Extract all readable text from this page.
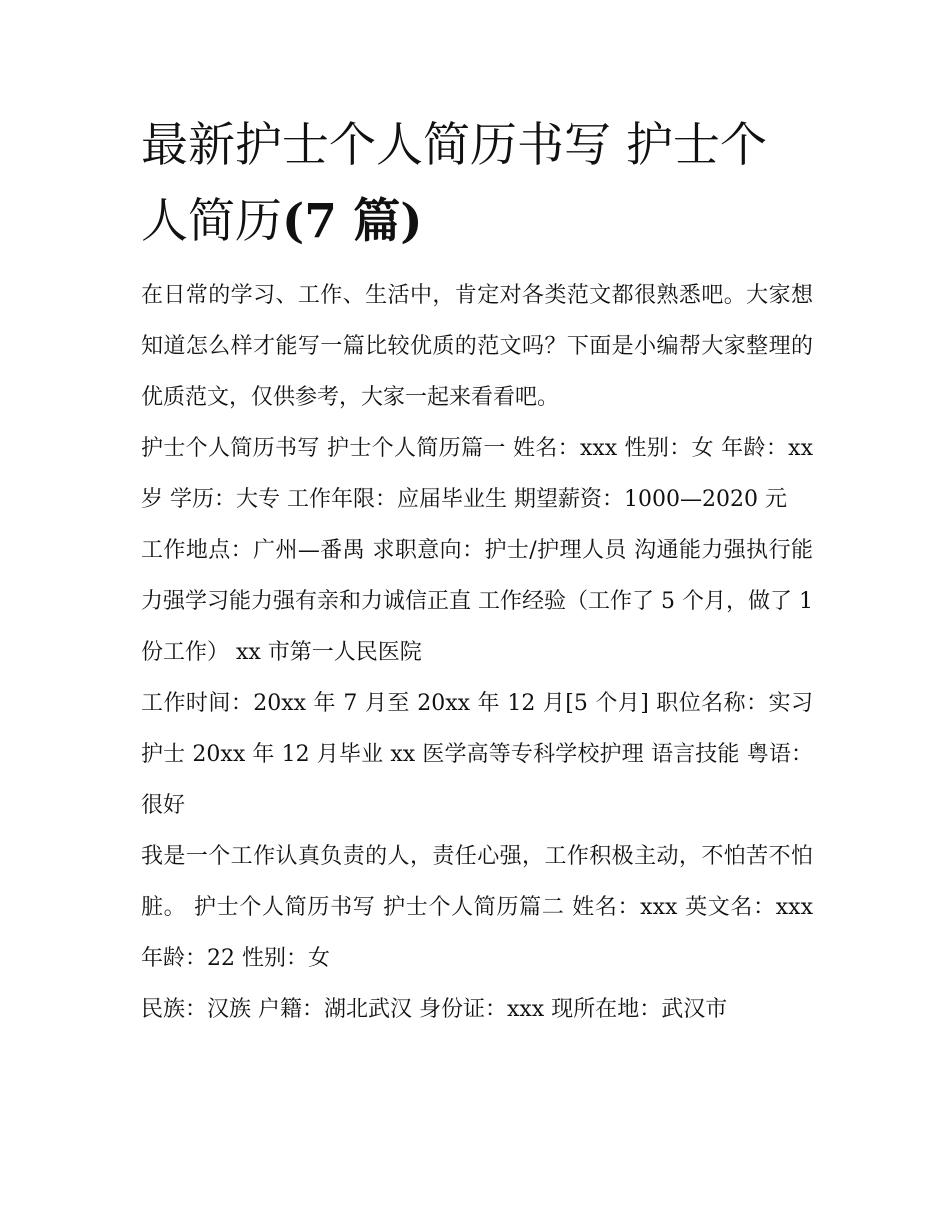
最新护士个人简历书写 护士个
人简历(7 篇)

在日常的学习、工作、生活中，肯定对各类范文都很熟悉吧。大家想知道怎么样才能写一篇比较优质的范文吗？下面是小编帮大家整理的优质范文，仅供参考，大家一起来看看吧。

护士个人简历书写 护士个人简历篇一 姓名：xxx 性别：女 年龄：xx 岁 学历：大专 工作年限：应届毕业生 期望薪资：1000—2020 元

工作地点：广州—番禺 求职意向：护士/护理人员 沟通能力强执行能力强学习能力强有亲和力诚信正直 工作经验（工作了 5 个月，做了 1 份工作） xx 市第一人民医院

工作时间：20xx 年 7 月至 20xx 年 12 月[5 个月] 职位名称：实习护士 20xx 年 12 月毕业 xx 医学高等专科学校护理 语言技能 粤语：很好

我是一个工作认真负责的人，责任心强，工作积极主动，不怕苦不怕脏。 护士个人简历书写 护士个人简历篇二 姓名：xxx 英文名：xxx 年龄：22 性别：女

民族：汉族 户籍：湖北武汉 身份证：xxx 现所在地：武汉市
